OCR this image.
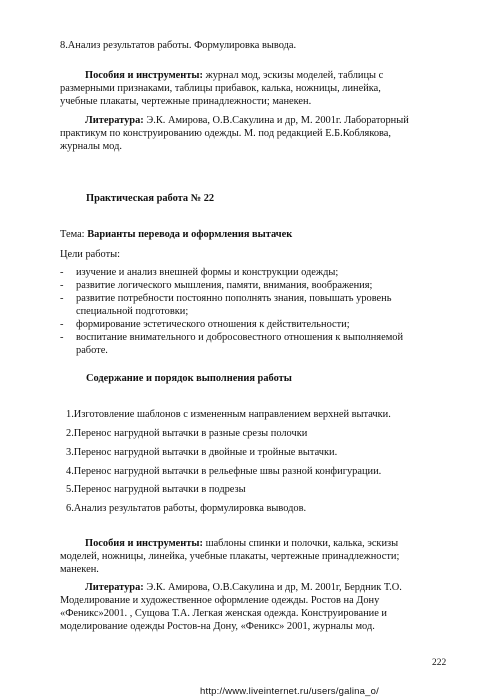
8.Анализ результатов работы. Формулировка вывода.
Пособия и инструменты: журнал мод, эскизы моделей, таблицы с
размерными признаками, таблицы прибавок, калька, ножницы, линейка,
учебные плакаты, чертежные принадлежности; манекен.
Литература: Э.К. Амирова, О.В.Сакулина и др, М. 2001г. Лабораторный
практикум по конструированию одежды. М. под редакцией Е.Б.Коблякова,
журналы мод.
Практическая работа № 22
Тема: Варианты перевода и оформления вытачек
Цели работы:
- изучение и анализ внешней формы и конструкции одежды;
- развитие логического мышления, памяти, внимания, воображения;
- развитие потребности постоянно пополнять знания, повышать уровень
специальной подготовки;
- формирование эстетического отношения к действительности;
- воспитание внимательного и добросовестного отношения к выполняемой
работе.
Содержание и порядок выполнения работы
1.Изготовление шаблонов с измененным направлением верхней вытачки.
2.Перенос нагрудной вытачки в разные срезы полочки
3.Перенос нагрудной вытачки в двойные и тройные вытачки.
4.Перенос нагрудной вытачки в рельефные швы разной конфигурации.
5.Перенос нагрудной вытачки в подрезы
6.Анализ результатов работы, формулировка выводов.
Пособия и инструменты: шаблоны спинки и полочки, калька, эскизы
моделей, ножницы, линейка, учебные плакаты, чертежные принадлежности;
манекен.
Литература: Э.К. Амирова, О.В.Сакулина и др, М. 2001г, Бердник Т.О.
Моделирование и художественное оформление одежды. Ростов на Дону
«Феникс»2001. , Сущова Т.А. Легкая женская одежда. Конструирование и
моделирование одежды Ростов-на Дону, «Феникс» 2001, журналы мод.
222
http://www.liveinternet.ru/users/galina_o/
